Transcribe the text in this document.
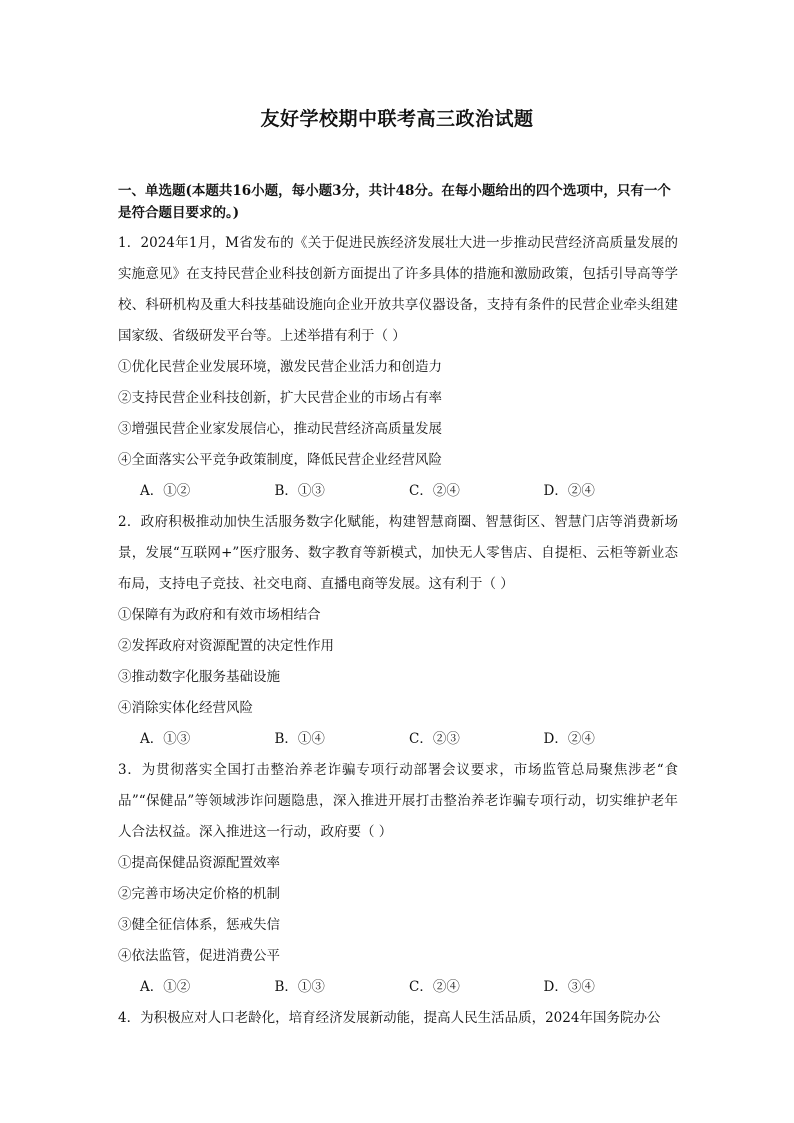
友好学校期中联考高三政治试题

一、单选题(本题共16小题，每小题3分，共计48分。在每小题给出的四个选项中，只有一个是符合题目要求的。)

1．2024年1月，M省发布的《关于促进民族经济发展壮大进一步推动民营经济高质量发展的实施意见》在支持民营企业科技创新方面提出了许多具体的措施和激励政策，包括引导高等学校、科研机构及重大科技基础设施向企业开放共享仪器设备，支持有条件的民营企业牵头组建国家级、省级研发平台等。上述举措有利于（ ）

①优化民营企业发展环境，激发民营企业活力和创造力

②支持民营企业科技创新，扩大民营企业的市场占有率

③增强民营企业家发展信心，推动民营经济高质量发展

④全面落实公平竞争政策制度，降低民营企业经营风险

A．①②	B．①③	C．②④	D．②④

2．政府积极推动加快生活服务数字化赋能，构建智慧商圈、智慧街区、智慧门店等消费新场景，发展“互联网+”医疗服务、数字教育等新模式，加快无人零售店、自提柜、云柜等新业态布局，支持电子竞技、社交电商、直播电商等发展。这有利于（ ）

①保障有为政府和有效市场相结合

②发挥政府对资源配置的决定性作用

③推动数字化服务基础设施

④消除实体化经营风险

A．①③	B．①④	C．②③	D．②④

3．为贯彻落实全国打击整治养老诈骗专项行动部署会议要求，市场监管总局聚焦涉老“食品”“保健品”等领域涉诈问题隐患，深入推进开展打击整治养老诈骗专项行动，切实维护老年人合法权益。深入推进这一行动，政府要（ ）

①提高保健品资源配置效率

②完善市场决定价格的机制

③健全征信体系，惩戒失信

④依法监管，促进消费公平

A．①②	B．①③	C．②④	D．③④

4．为积极应对人口老龄化，培育经济发展新动能，提高人民生活品质，2024年国务院办公
